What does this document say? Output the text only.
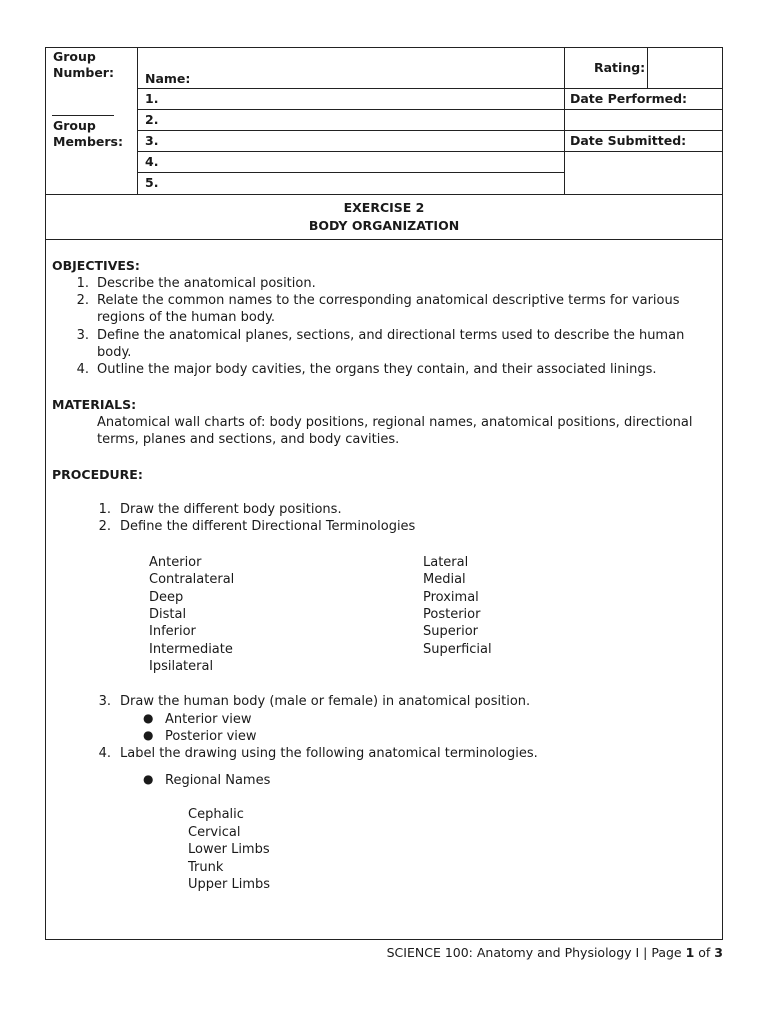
Group
Number:
Group
Members:
Name:
1.
2.
3.
4.
5.
Rating:
Date Performed:
Date Submitted:
EXERCISE 2
BODY ORGANIZATION
OBJECTIVES:
1. Describe the anatomical position.
2. Relate the common names to the corresponding anatomical descriptive terms for various
regions of the human body.
3. Define the anatomical planes, sections, and directional terms used to describe the human
body.
4. Outline the major body cavities, the organs they contain, and their associated linings.
MATERIALS:
Anatomical wall charts of: body positions, regional names, anatomical positions, directional
terms, planes and sections, and body cavities.
PROCEDURE:
1. Draw the different body positions.
2. Define the different Directional Terminologies
Anterior
Contralateral
Deep
Distal
Inferior
Intermediate
Ipsilateral
Lateral
Medial
Proximal
Posterior
Superior
Superficial
3. Draw the human body (male or female) in anatomical position.
● Anterior view
● Posterior view
4. Label the drawing using the following anatomical terminologies.
● Regional Names
Cephalic
Cervical
Lower Limbs
Trunk
Upper Limbs
SCIENCE 100: Anatomy and Physiology I | Page 1 of 3
